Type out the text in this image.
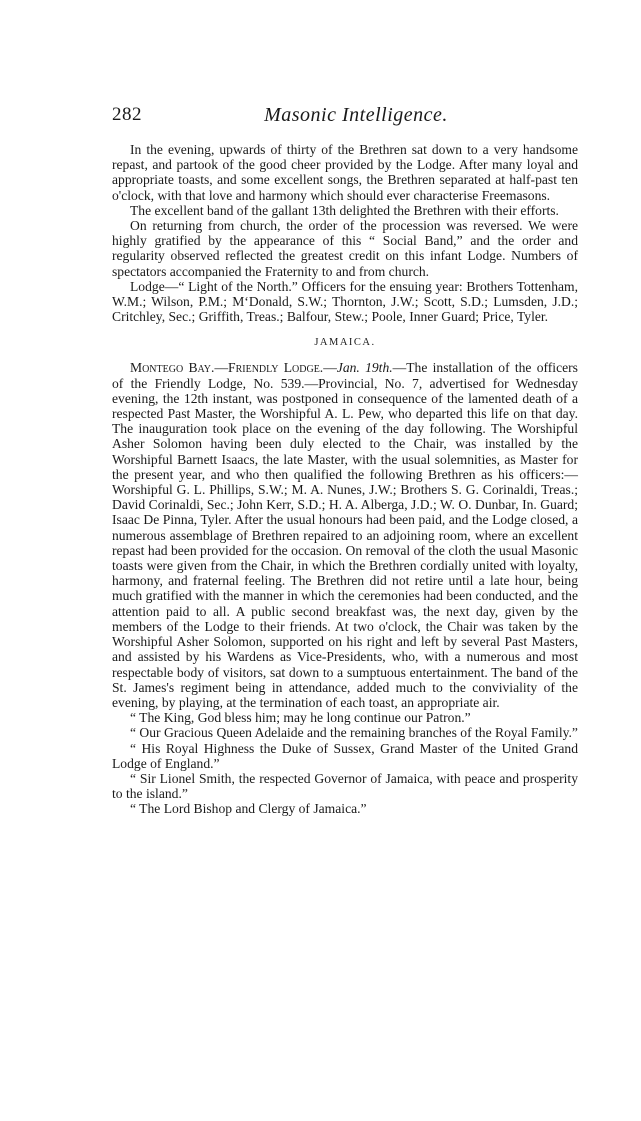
282	Masonic Intelligence.

In the evening, upwards of thirty of the Brethren sat down to a very handsome repast, and partook of the good cheer provided by the Lodge. After many loyal and appropriate toasts, and some excellent songs, the Brethren separated at half-past ten o'clock, with that love and harmony which should ever characterise Freemasons.

The excellent band of the gallant 13th delighted the Brethren with their efforts.

On returning from church, the order of the procession was reversed. We were highly gratified by the appearance of this “ Social Band,” and the order and regularity observed reflected the greatest credit on this infant Lodge. Numbers of spectators accompanied the Fraternity to and from church.

Lodge—“ Light of the North.” Officers for the ensuing year: Brothers Tottenham, W.M.; Wilson, P.M.; M‘Donald, S.W.; Thornton, J.W.; Scott, S.D.; Lumsden, J.D.; Critchley, Sec.; Griffith, Treas.; Balfour, Stew.; Poole, Inner Guard; Price, Tyler.

JAMAICA.

Montego Bay.—Friendly Lodge.—Jan. 19th.—The installation of the officers of the Friendly Lodge, No. 539.—Provincial, No. 7, advertised for Wednesday evening, the 12th instant, was postponed in consequence of the lamented death of a respected Past Master, the Worshipful A. L. Pew, who departed this life on that day. The inauguration took place on the evening of the day following. The Worshipful Asher Solomon having been duly elected to the Chair, was installed by the Worshipful Barnett Isaacs, the late Master, with the usual solemnities, as Master for the present year, and who then qualified the following Brethren as his officers:—Worshipful G. L. Phillips, S.W.; M. A. Nunes, J.W.; Brothers S. G. Corinaldi, Treas.; David Corinaldi, Sec.; John Kerr, S.D.; H. A. Alberga, J.D.; W. O. Dunbar, In. Guard; Isaac De Pinna, Tyler. After the usual honours had been paid, and the Lodge closed, a numerous assemblage of Brethren repaired to an adjoining room, where an excellent repast had been provided for the occasion. On removal of the cloth the usual Masonic toasts were given from the Chair, in which the Brethren cordially united with loyalty, harmony, and fraternal feeling. The Brethren did not retire until a late hour, being much gratified with the manner in which the ceremonies had been conducted, and the attention paid to all. A public second breakfast was, the next day, given by the members of the Lodge to their friends. At two o'clock, the Chair was taken by the Worshipful Asher Solomon, supported on his right and left by several Past Masters, and assisted by his Wardens as Vice-Presidents, who, with a numerous and most respectable body of visitors, sat down to a sumptuous entertainment. The band of the St. James's regiment being in attendance, added much to the conviviality of the evening, by playing, at the termination of each toast, an appropriate air.

“ The King, God bless him; may he long continue our Patron.”

“ Our Gracious Queen Adelaide and the remaining branches of the Royal Family.”

“ His Royal Highness the Duke of Sussex, Grand Master of the United Grand Lodge of England.”

“ Sir Lionel Smith, the respected Governor of Jamaica, with peace and prosperity to the island.”

“ The Lord Bishop and Clergy of Jamaica.”
